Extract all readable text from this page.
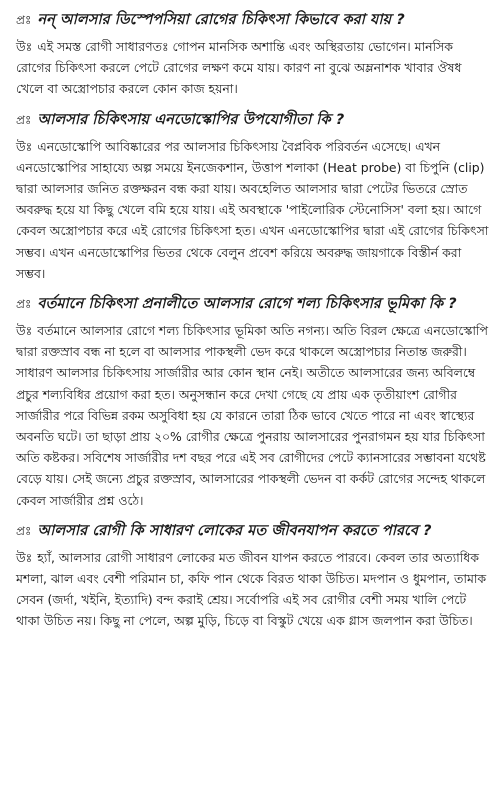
প্রঃ নন্ আলসার ডিস্পেপসিয়া রোগের চিকিৎসা কিভাবে করা যায় ?
উঃ এই সমস্ত রোগী সাধারণতঃ গোপন মানসিক অশান্তি এবং অস্থিরতায় ভোগেন। মানসিক রোগের চিকিৎসা করলে পেটে রোগের লক্ষণ কমে যায়। কারণ না বুঝে অম্লনাশক খাবার ঔষধ খেলে বা অস্ত্রোপচার করলে কোন কাজ হয়না।
প্রঃ আলসার চিকিৎসায় এনডোস্কোপির উপযোগীতা কি ?
উঃ এনডোস্কোপি আবিষ্কারের পর আলসার চিকিৎসায় বৈপ্লবিক পরিবর্তন এসেছে। এখন এনডোস্কোপির সাহায্যে অল্প সময়ে ইনজেকশান, উত্তাপ শলাকা (Heat probe) বা চিপুনি (clip) দ্বারা আলসার জনিত রক্তক্ষরন বন্ধ করা যায়। অবহেলিত আলসার দ্বারা পেটের ভিতরে স্রোত অবরুদ্ধ হয়ে যা কিছু খেলে বমি হয়ে যায়। এই অবস্থাকে 'পাইলোরিক স্টেনোসিস' বলা হয়। আগে কেবল অস্ত্রোপচার করে এই রোগের চিকিৎসা হত। এখন এনডোস্কোপির দ্বারা এই রোগের চিকিৎসা সম্ভব। এখন এনডোস্কোপির ভিতর থেকে বেলুন প্রবেশ করিয়ে অবরুদ্ধ জায়গাকে বিস্তীর্ন করা সম্ভব।
প্রঃ বর্তমানে চিকিৎসা প্রনালীতে আলসার রোগে শল্য চিকিৎসার ভূমিকা কি ?
উঃ বর্তমানে আলসার রোগে শল্য চিকিৎসার ভূমিকা অতি নগন্য। অতি বিরল ক্ষেত্রে এনডোস্কোপি দ্বারা রক্তস্রাব বন্ধ না হলে বা আলসার পাকস্থলী ভেদ করে থাকলে অস্ত্রোপচার নিতান্ত জরুরী। সাধারণ আলসার চিকিৎসায় সার্জারীর আর কোন স্থান নেই। অতীতে আলসারের জন্য অবিলম্বে প্রচুর শল্যবিধির প্রয়োগ করা হত। অনুসন্ধান করে দেখা গেছে যে প্রায় এক তৃতীয়াংশ রোগীর সার্জারীর পরে বিভিন্ন রকম অসুবিধা হয় যে কারনে তারা ঠিক ভাবে খেতে পারে না এবং স্বাস্থ্যের অবনতি ঘটে। তা ছাড়া প্রায় ২০% রোগীর ক্ষেত্রে পুনরায় আলসারের পুনরাগমন হয় যার চিকিৎসা অতি কষ্টকর। সবিশেষ সার্জারীর দশ বছর পরে এই সব রোগীদের পেটে ক্যানসারের সম্ভাবনা যথেষ্ট বেড়ে যায়। সেই জন্যে প্রচুর রক্তস্রাব, আলসারের পাকস্থলী ভেদন বা কর্কট রোগের সন্দেহ থাকলে কেবল সার্জারীর প্রশ্ন ওঠে।
প্রঃ আলসার রোগী কি সাধারণ লোকের মত জীবনযাপন করতে পারবে ?
উঃ হ্যাঁ, আলসার রোগী সাধারণ লোকের মত জীবন যাপন করতে পারবে। কেবল তার অত্যাধিক মশলা, ঝাল এবং বেশী পরিমান চা, কফি পান থেকে বিরত থাকা উচিত। মদপান ও ধুমপান, তামাক সেবন (জর্দা, খইনি, ইত্যাদি) বন্দ করাই শ্রেয়। সর্বোপরি এই সব রোগীর বেশী সময় খালি পেটে থাকা উচিত নয়। কিছু না পেলে, অল্প মুড়ি, চিড়ে বা বিস্কুট খেয়ে এক গ্লাস জলপান করা উচিত।
